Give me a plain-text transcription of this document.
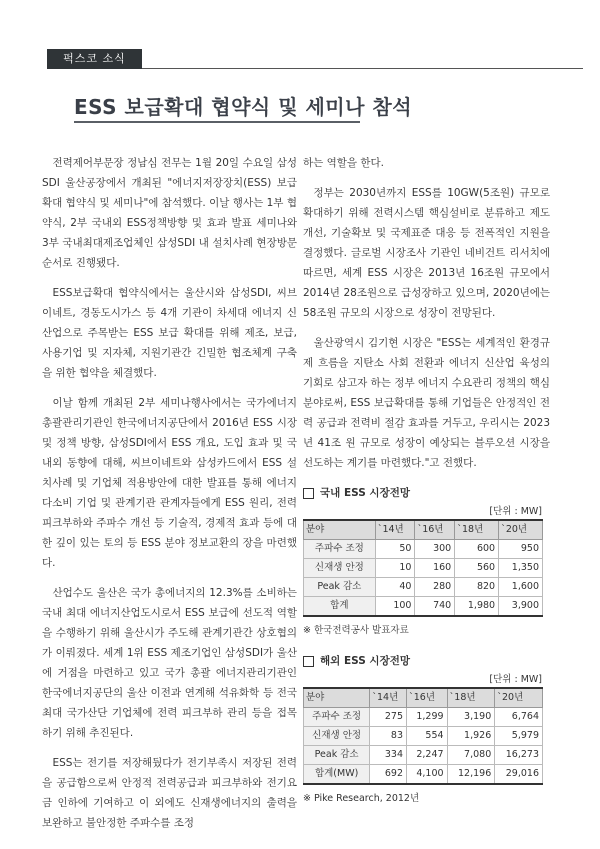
퍽스코 소식
ESS 보급확대 협약식 및 세미나 참석

전력제어부문장 정남심 전무는 1월 20일 수요일 삼성SDI 울산공장에서 개최된 "에너지저장장치(ESS) 보급확대 협약식 및 세미나"에 참석했다. 이날 행사는 1부 협약식, 2부 국내외 ESS정책방향 및 효과 발표 세미나와 3부 국내최대제조업체인 삼성SDI 내 설치사례 현장방문 순서로 진행됐다.

ESS보급확대 협약식에서는 울산시와 삼성SDI, 씨브이네트, 경동도시가스 등 4개 기관이 차세대 에너지 신산업으로 주목받는 ESS 보급 확대를 위해 제조, 보급, 사용기업 및 지자체, 지원기관간 긴밀한 협조체계 구축을 위한 협약을 체결했다.

이날 함께 개최된 2부 세미나행사에서는 국가에너지총괄관리기관인 한국에너지공단에서 2016년 ESS 시장 및 정책 방향, 삼성SDI에서 ESS 개요, 도입 효과 및 국내외 동향에 대해, 씨브이네트와 삼성카드에서 ESS 설치사례 및 기업체 적용방안에 대한 발표를 통해 에너지 다소비 기업 및 관계기관 관계자들에게 ESS 원리, 전력 피크부하와 주파수 개선 등 기술적, 경제적 효과 등에 대한 깊이 있는 토의 등 ESS 분야 정보교환의 장을 마련했다.

산업수도 울산은 국가 총에너지의 12.3%를 소비하는 국내 최대 에너지산업도시로서 ESS 보급에 선도적 역할을 수행하기 위해 울산시가 주도해 관계기관간 상호협의가 이뤄졌다. 세계 1위 ESS 제조기업인 삼성SDI가 울산에 거점을 마련하고 있고 국가 총괄 에너지관리기관인 한국에너지공단의 울산 이전과 연계해 석유화학 등 전국 최대 국가산단 기업체에 전력 피크부하 관리 등을 접목하기 위해 추진된다.

ESS는 전기를 저장해뒀다가 전기부족시 저장된 전력을 공급함으로써 안정적 전력공급과 피크부하와 전기요금 인하에 기여하고 이 외에도 신재생에너지의 출력을 보완하고 불안정한 주파수를 조정

하는 역할을 한다.

정부는 2030년까지 ESS를 10GW(5조원) 규모로 확대하기 위해 전력시스템 핵심설비로 분류하고 제도개선, 기술확보 및 국제표준 대응 등 전폭적인 지원을 결정했다. 글로벌 시장조사 기관인 네비건트 리서치에 따르면, 세계 ESS 시장은 2013년 16조원 규모에서 2014년 28조원으로 급성장하고 있으며, 2020년에는 58조원 규모의 시장으로 성장이 전망된다.

울산광역시 김기현 시장은 "ESS는 세계적인 환경규제 흐름을 지탄소 사회 전환과 에너지 신산업 육성의 기회로 삼고자 하는 정부 에너지 수요관리 정책의 핵심 분야로써, ESS 보급확대를 통해 기업들은 안정적인 전력 공급과 전력비 절감 효과를 거두고, 우리시는 2023년 41조 원 규모로 성장이 예상되는 블루오션 시장을 선도하는 계기를 마련했다."고 전했다.

국내 ESS 시장전망
[단위 : MW]
분야	`14년	`16년	`18년	`20년
주파수 조정	50	300	600	950
신재생 안정	10	160	560	1,350
Peak 감소	40	280	820	1,600
합계	100	740	1,980	3,900
※ 한국전력공사 발표자료
해외 ESS 시장전망
[단위 : MW]
분야	`14년	`16년	`18년	`20년
주파수 조정	275	1,299	3,190	6,764
신재생 안정	83	554	1,926	5,979
Peak 감소	334	2,247	7,080	16,273
합계(MW)	692	4,100	12,196	29,016
※ Pike Research, 2012년
